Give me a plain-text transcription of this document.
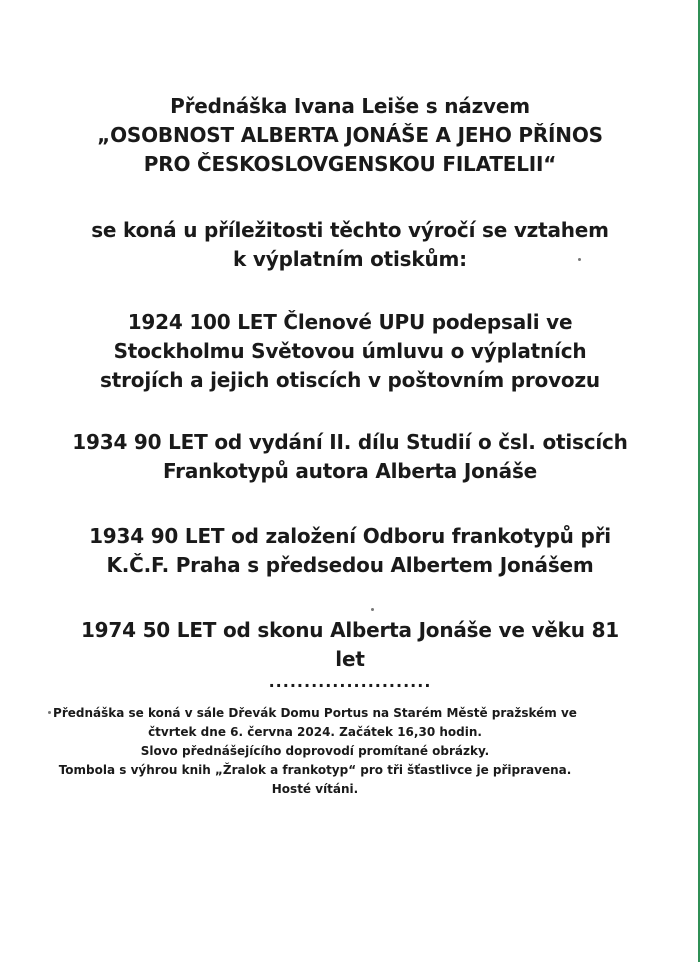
Přednáška Ivana Leiše s názvem

„OSOBNOST ALBERTA JONÁŠE A JEHO PŘÍNOS

PRO ČESKOSLOVGENSKOU FILATELII“

se koná u příležitosti těchto výročí se vztahem

k výplatním otiskům:

1924 100 LET Členové UPU podepsali ve

Stockholmu Světovou úmluvu o výplatních

strojích a jejich otiscích v poštovním provozu

1934 90 LET od vydání II. dílu Studií o čsl. otiscích

Frankotypů autora Alberta Jonáše

1934 90 LET od založení Odboru frankotypů při

K.Č.F. Praha s předsedou Albertem Jonášem

1974 50 LET od skonu Alberta Jonáše ve věku 81

let

.......................

Přednáška se koná v sále Dřevák Domu Portus na Starém Městě pražském ve

čtvrtek dne 6. června 2024. Začátek 16,30 hodin.

Slovo přednášejícího doprovodí promítané obrázky.

Tombola s výhrou knih „Žralok a frankotyp“ pro tři šťastlivce je připravena.

Hosté vítáni.
